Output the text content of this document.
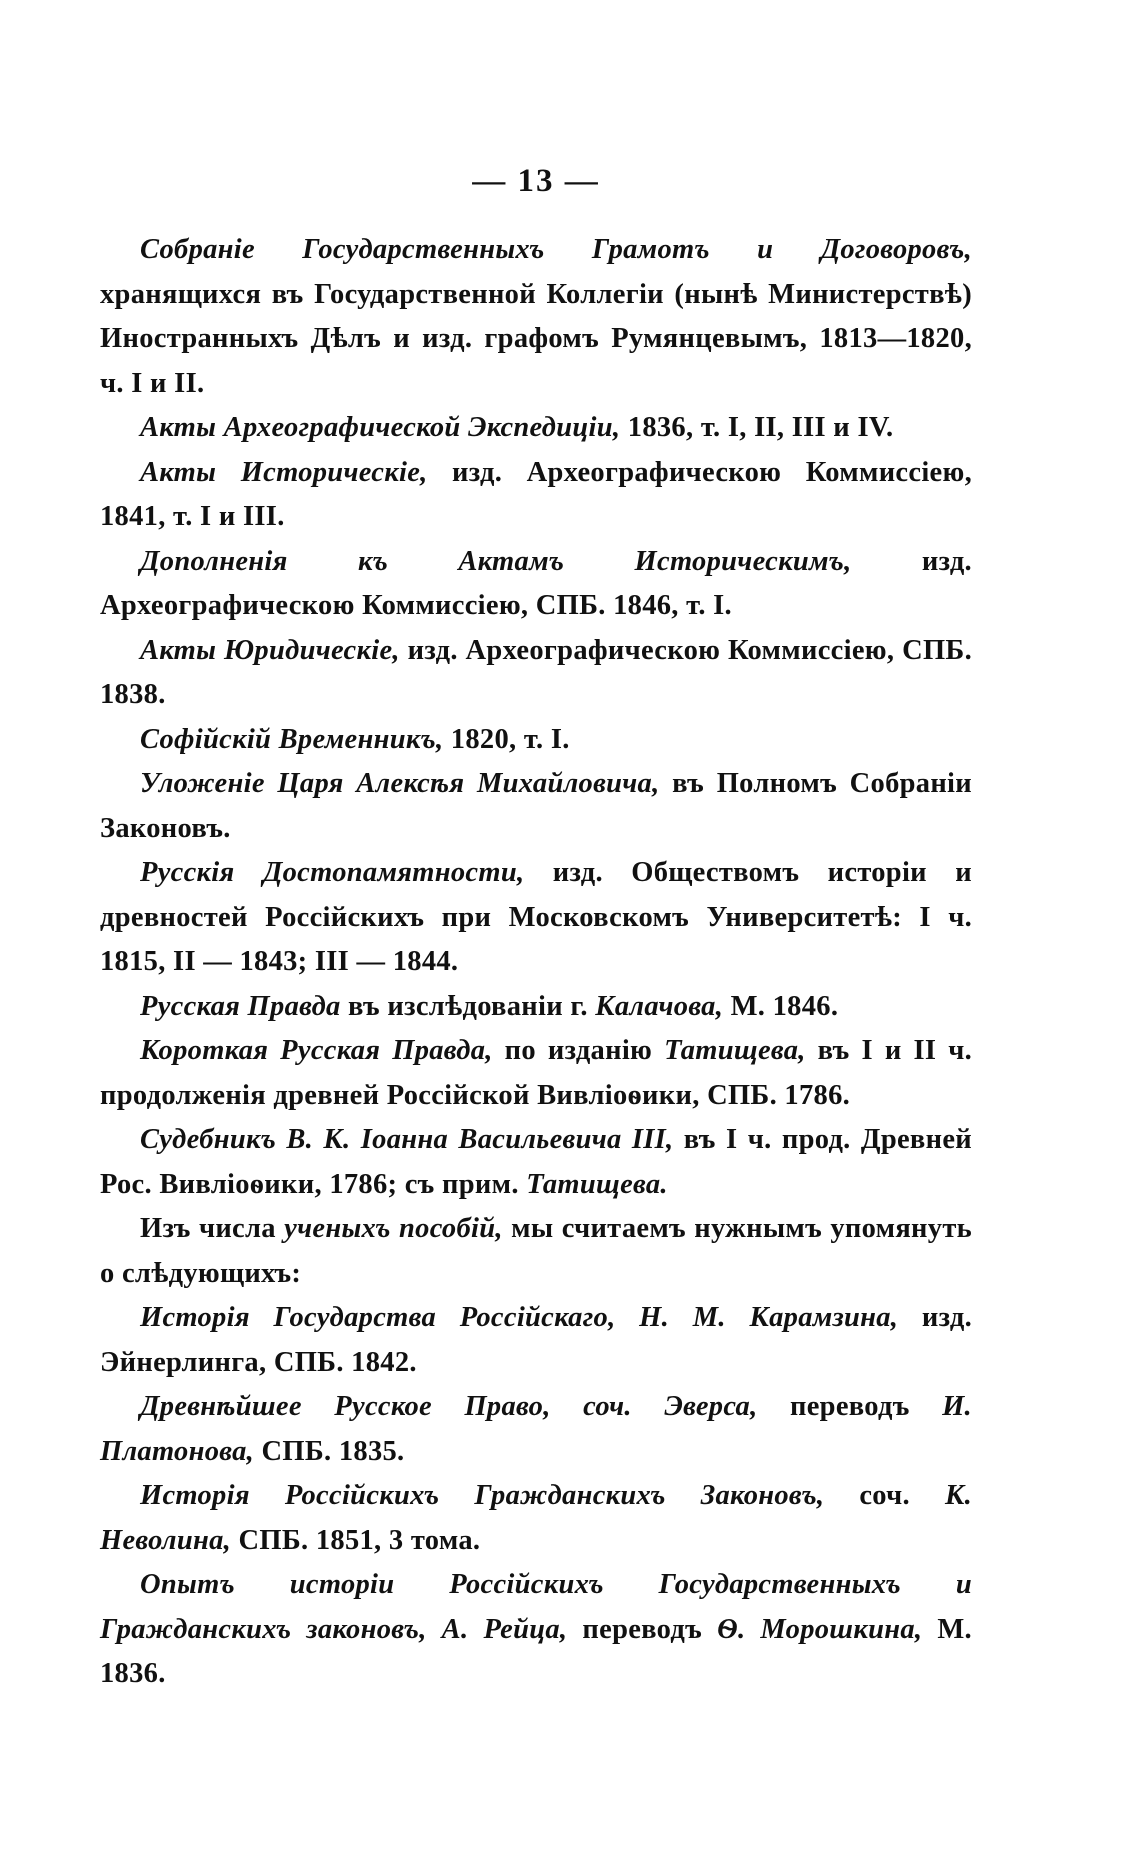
— 13 —

Собраніе Государственныхъ Грамотъ и Договоровъ, хранящихся въ Государственной Коллегіи (нынѣ Министерствѣ) Иностранныхъ Дѣлъ и изд. графомъ Румянцевымъ, 1813—1820, ч. I и II.

Акты Археографической Экспедиціи, 1836, т. I, II, III и IV.

Акты Историческіе, изд. Археографическою Коммиссіею, 1841, т. I и III.

Дополненія къ Актамъ Историческимъ, изд. Археографическою Коммиссіею, СПБ. 1846, т. I.

Акты Юридическіе, изд. Археографическою Коммиссіею, СПБ. 1838.

Софійскій Временникъ, 1820, т. I.

Уложеніе Царя Алексѣя Михайловича, въ Полномъ Собраніи Законовъ.

Русскія Достопамятности, изд. Обществомъ исторіи и древностей Россійскихъ при Московскомъ Университетѣ: I ч. 1815, II — 1843; III — 1844.

Русская Правда въ изслѣдованіи г. Калачова, М. 1846.

Короткая Русская Правда, по изданію Татищева, въ I и II ч. продолженія древней Россійской Вивліоѳики, СПБ. 1786.

Судебникъ В. К. Іоанна Васильевича III, въ I ч. прод. Древней Рос. Вивліоѳики, 1786; съ прим. Татищева.

Изъ числа ученыхъ пособій, мы считаемъ нужнымъ упомянуть о слѣдующихъ:

Исторія Государства Россійскаго, Н. М. Карамзина, изд. Эйнерлинга, СПБ. 1842.

Древнѣйшее Русское Право, соч. Эверса, переводъ И. Платонова, СПБ. 1835.

Исторія Россійскихъ Гражданскихъ Законовъ, соч. К. Неволина, СПБ. 1851, 3 тома.

Опытъ исторіи Россійскихъ Государственныхъ и Гражданскихъ законовъ, А. Рейца, переводъ Ѳ. Морошкина, М. 1836.
